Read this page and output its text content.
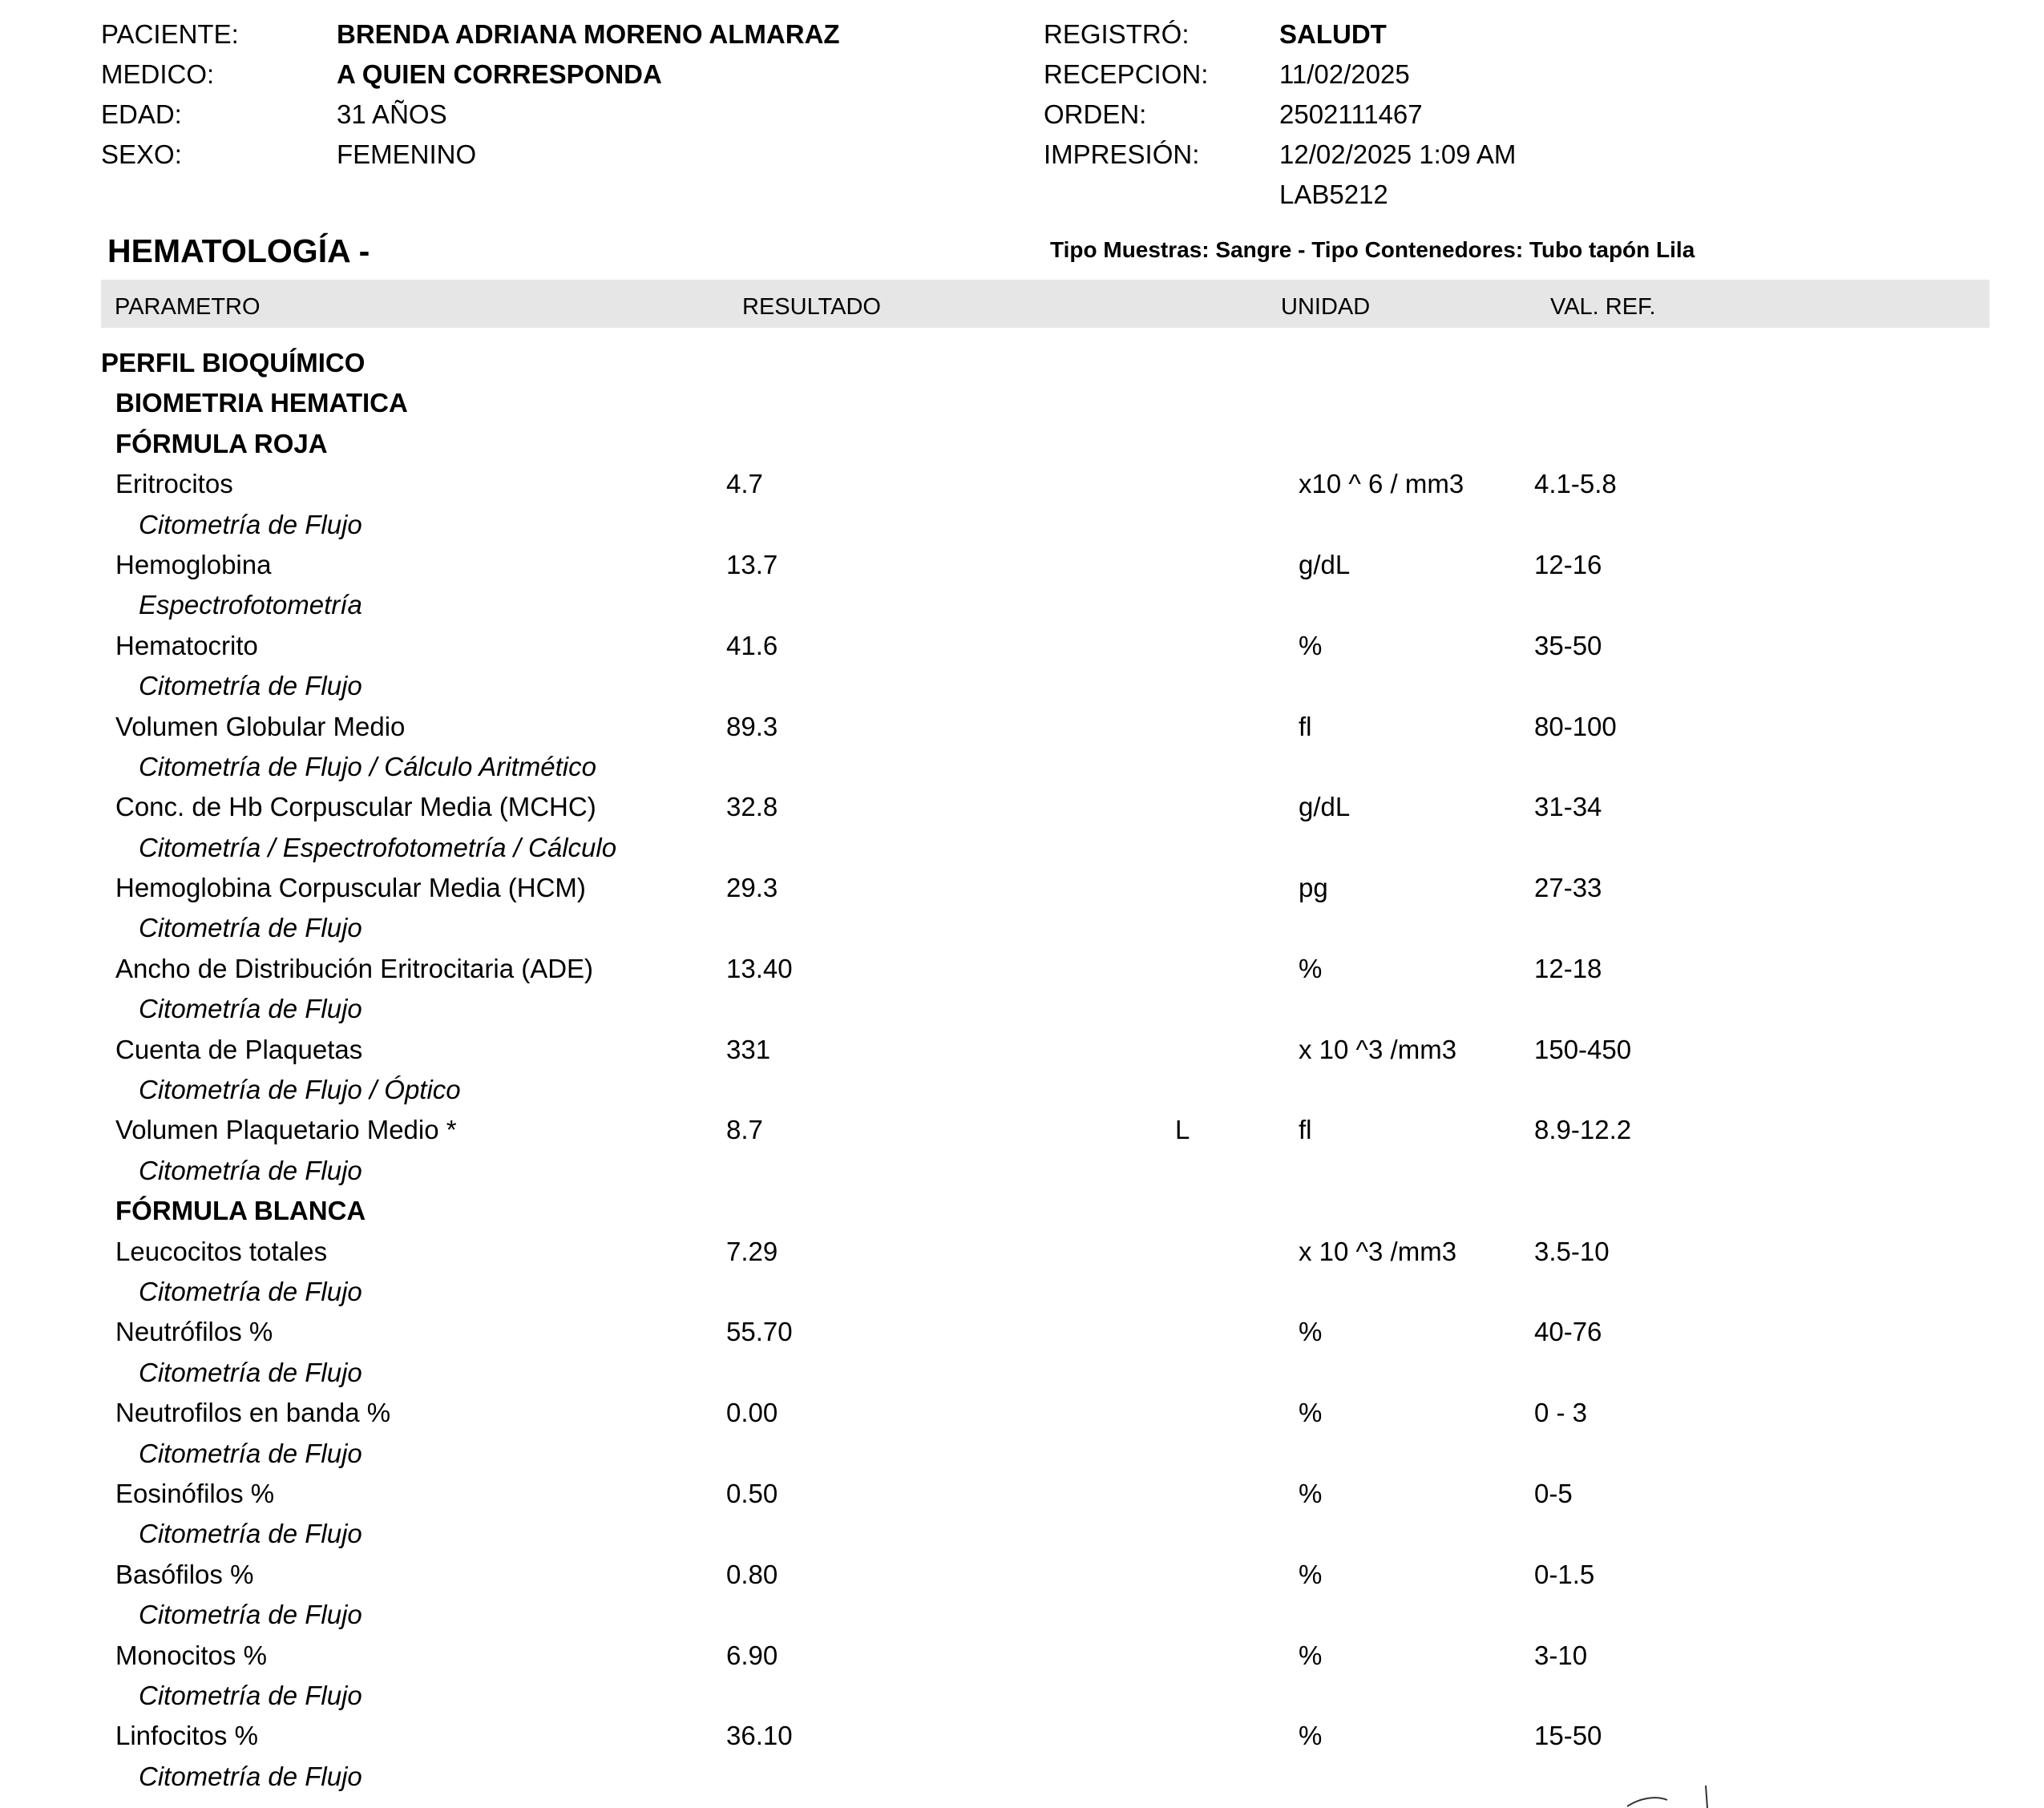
PACIENTE:	BRENDA ADRIANA MORENO ALMARAZ
MEDICO:	A QUIEN CORRESPONDA
EDAD:	31 AÑOS
SEXO:	FEMENINO
REGISTRÓ:	SALUDT
RECEPCION:	11/02/2025
ORDEN:	2502111467
IMPRESIÓN:	12/02/2025 1:09 AM
LAB5212
HEMATOLOGÍA -	Tipo Muestras: Sangre - Tipo Contenedores: Tubo tapón Lila
PARAMETRO	RESULTADO	UNIDAD	VAL. REF.
PERFIL BIOQUÍMICO
BIOMETRIA HEMATICA
FÓRMULA ROJA
Eritrocitos	4.7	x10 ^ 6 / mm3	4.1-5.8
Citometría de Flujo
Hemoglobina	13.7	g/dL	12-16
Espectrofotometría
Hematocrito	41.6	%	35-50
Citometría de Flujo
Volumen Globular Medio	89.3	fl	80-100
Citometría de Flujo / Cálculo Aritmético
Conc. de Hb Corpuscular Media (MCHC)	32.8	g/dL	31-34
Citometría / Espectrofotometría / Cálculo
Hemoglobina Corpuscular Media (HCM)	29.3	pg	27-33
Citometría de Flujo
Ancho de Distribución Eritrocitaria (ADE)	13.40	%	12-18
Citometría de Flujo
Cuenta de Plaquetas	331	x 10 ^3 /mm3	150-450
Citometría de Flujo / Óptico
Volumen Plaquetario Medio *	8.7	L	fl	8.9-12.2
Citometría de Flujo
FÓRMULA BLANCA
Leucocitos totales	7.29	x 10 ^3 /mm3	3.5-10
Citometría de Flujo
Neutrófilos %	55.70	%	40-76
Citometría de Flujo
Neutrofilos en banda %	0.00	%	0 - 3
Citometría de Flujo
Eosinófilos %	0.50	%	0-5
Citometría de Flujo
Basófilos %	0.80	%	0-1.5
Citometría de Flujo
Monocitos %	6.90	%	3-10
Citometría de Flujo
Linfocitos %	36.10	%	15-50
Citometría de Flujo
